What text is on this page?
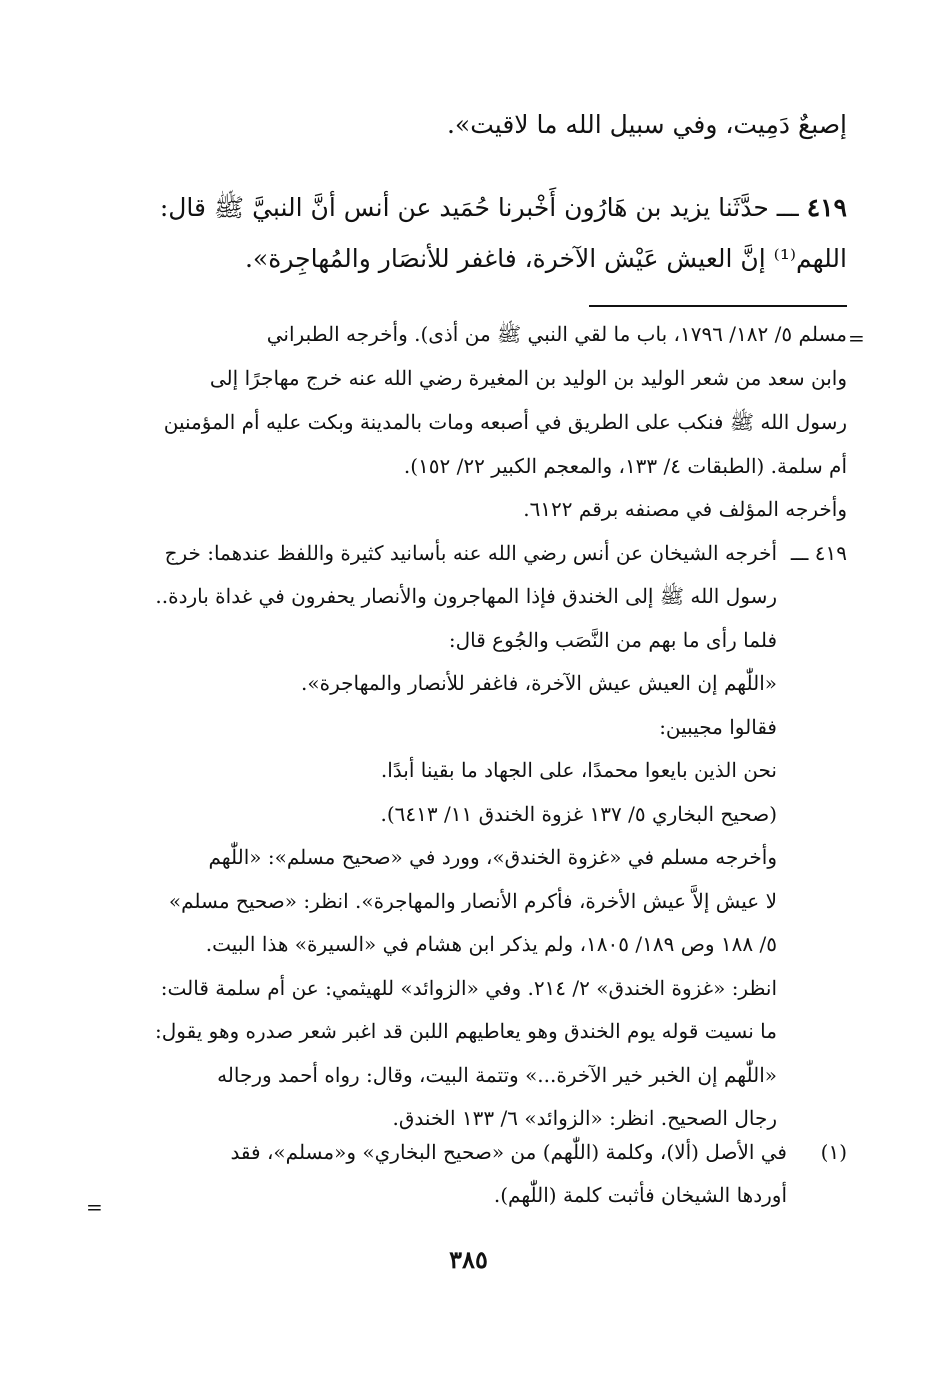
إصبعٌ دَمِيت، وفي سبيل الله ما لاقيت».
٤١٩ ـــ حدَّثَنا يزيد بن هَارُون أَخْبرنا حُمَيد عن أنس أنَّ النبيَّ ﷺ قال:
اللهم⁽¹⁾ إنَّ العيش عَيْش الآخرة، فاغفر للأنصَار والمُهاجِرة».
=
مسلم ٥/ ١٨٢/ ١٧٩٦، باب ما لقي النبي ﷺ من أذى). وأخرجه الطبراني
وابن سعد من شعر الوليد بن الوليد بن المغيرة رضي الله عنه خرج مهاجرًا إلى
رسول الله ﷺ فنكب على الطريق في أصبعه ومات بالمدينة وبكت عليه أم المؤمنين
أم سلمة. (الطبقات ٤/ ١٣٣، والمعجم الكبير ٢٢/ ١٥٢).
وأخرجه المؤلف في مصنفه برقم ٦١٢٢.
٤١٩ ـــ
أخرجه الشيخان عن أنس رضي الله عنه بأسانيد كثيرة واللفظ عندهما: خرج
رسول الله ﷺ إلى الخندق فإذا المهاجرون والأنصار يحفرون في غداة باردة..
فلما رأى ما بهم من النَّصَب والجُوع قال:
«اللّٰهم إن العيش عيش الآخرة، فاغفر للأنصار والمهاجرة».
فقالوا مجيبين:
نحن الذين بايعوا محمدًا، على الجهاد ما بقينا أبدًا.
(صحيح البخاري ٥/ ١٣٧ غزوة الخندق ١١/ ٦٤١٣).
وأخرجه مسلم في «غزوة الخندق»، وورد في «صحيح مسلم»: «اللّٰهم
لا عيش إلاَّ عيش الأخرة، فأكرم الأنصار والمهاجرة». انظر: «صحيح مسلم»
٥/ ١٨٨ وص ١٨٩/ ١٨٠٥، ولم يذكر ابن هشام في «السيرة» هذا البيت.
انظر: «غزوة الخندق» ٢/ ٢١٤. وفي «الزوائد» للهيثمي: عن أم سلمة قالت:
ما نسيت قوله يوم الخندق وهو يعاطيهم اللبن قد اغبر شعر صدره وهو يقول:
«اللّٰهم إن الخبر خير الآخرة...» وتتمة البيت، وقال: رواه أحمد ورجاله
رجال الصحيح. انظر: «الزوائد» ٦/ ١٣٣ الخندق.
(١)
في الأصل (ألا)، وكلمة (اللّٰهم) من «صحيح البخاري» و«مسلم»، فقد
أوردها الشيخان فأثبت كلمة (اللّٰهم).
=
٣٨٥
